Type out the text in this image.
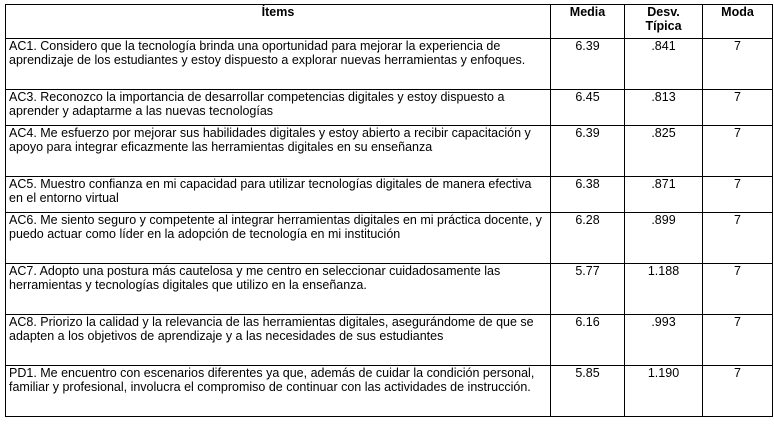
Ítems	Media	Desv. Típica	Moda
AC1. Considero que la tecnología brinda una oportunidad para mejorar la experiencia de aprendizaje de los estudiantes y estoy dispuesto a explorar nuevas herramientas y enfoques.	6.39	.841	7
AC3. Reconozco la importancia de desarrollar competencias digitales y estoy dispuesto a aprender y adaptarme a las nuevas tecnologías	6.45	.813	7
AC4. Me esfuerzo por mejorar sus habilidades digitales y estoy abierto a recibir capacitación y apoyo para integrar eficazmente las herramientas digitales en su enseñanza	6.39	.825	7
AC5. Muestro confianza en mi capacidad para utilizar tecnologías digitales de manera efectiva en el entorno virtual	6.38	.871	7
AC6. Me siento seguro y competente al integrar herramientas digitales en mi práctica docente, y puedo actuar como líder en la adopción de tecnología en mi institución	6.28	.899	7
AC7. Adopto una postura más cautelosa y me centro en seleccionar cuidadosamente las herramientas y tecnologías digitales que utilizo en la enseñanza.	5.77	1.188	7
AC8. Priorizo la calidad y la relevancia de las herramientas digitales, asegurándome de que se adapten a los objetivos de aprendizaje y a las necesidades de sus estudiantes	6.16	.993	7
PD1. Me encuentro con escenarios diferentes ya que, además de cuidar la condición personal, familiar y profesional, involucra el compromiso de continuar con las actividades de instrucción.	5.85	1.190	7
